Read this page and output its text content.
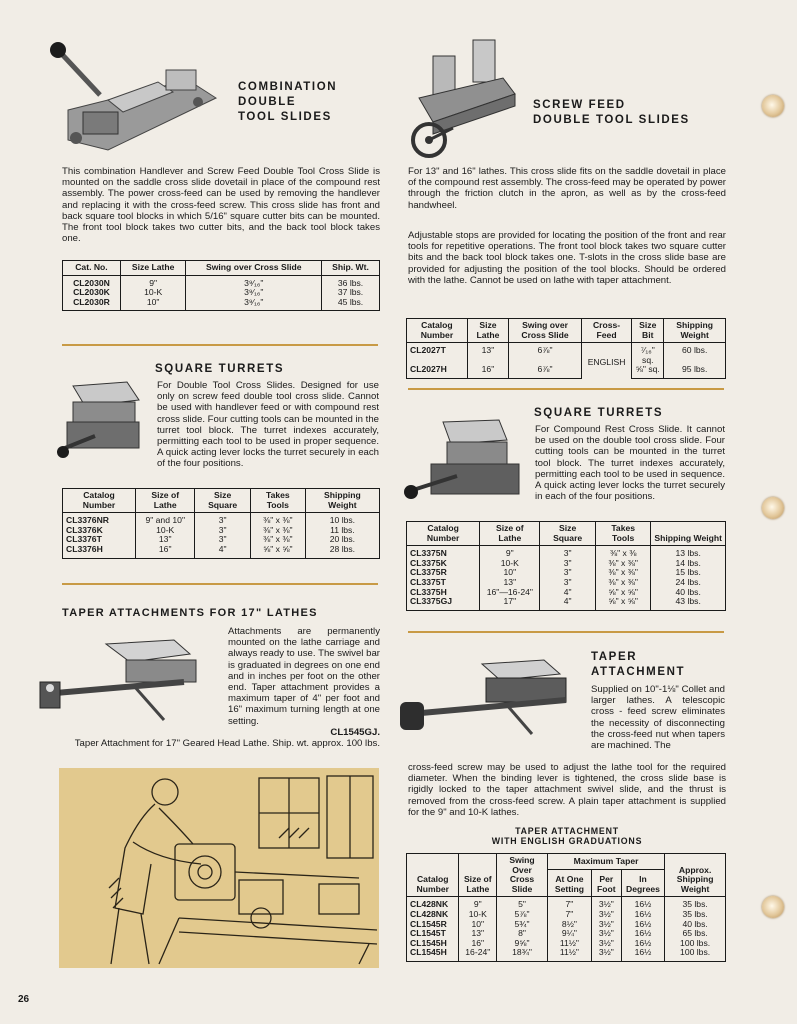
COMBINATION
DOUBLE
TOOL SLIDES
This combination Handlever and Screw Feed Double Tool Cross Slide is mounted on the saddle cross slide dovetail in place of the compound rest assembly. The power cross-feed can be used by removing the handlever and replacing it with the cross-feed screw. This cross slide has front and back square tool blocks in which 5/16" square cutter bits can be mounted. The front tool block takes two cutter bits, and the back tool block takes one.
Cat. No.	Size Lathe	Swing over Cross Slide	Ship. Wt.
CL2030N	9"	3⁹⁄₁₆"	36 lbs.
CL2030K	10-K	3⁹⁄₁₆"	37 lbs.
CL2030R	10"	3⁹⁄₁₆"	45 lbs.
SQUARE TURRETS
For Double Tool Cross Slides. Designed for use only on screw feed double tool cross slide. Cannot be used with handlever feed or with compound rest cross slide. Four cutting tools can be mounted in the turret tool block. The turret indexes accurately, permitting each tool to be used in proper sequence. A quick acting lever locks the turret securely in each of the four positions.
Catalog Number	Size of Lathe	Size Square	Takes Tools	Shipping Weight
CL3376NR	9" and 10"	3"	⅜" x ⅜"	10 lbs.
CL3376K	10-K	3"	⅜" x ⅜"	11 lbs.
CL3376T	13"	3"	⅜" x ⅜"	20 lbs.
CL3376H	16"	4"	⅝" x ⅝"	28 lbs.
TAPER ATTACHMENTS FOR 17" LATHES
Attachments are permanently mounted on the lathe carriage and always ready to use. The swivel bar is graduated in degrees on one end and in inches per foot on the other end. Taper attachment provides a maximum taper of 4" per foot and 16" maximum turning length at one setting.
CL1545GJ.
Taper Attachment for 17" Geared Head Lathe. Ship. wt. approx. 100 lbs.
26
SCREW FEED
DOUBLE TOOL SLIDES
For 13" and 16" lathes. This cross slide fits on the saddle dovetail in place of the compound rest assembly. The cross-feed may be operated by power through the friction clutch in the apron, as well as by the cross-feed handwheel.
Adjustable stops are provided for locating the position of the front and rear tools for repetitive operations. The front tool block takes two square cutter bits and the back tool block takes one. T-slots in the cross slide base are provided for adjusting the position of the tool blocks. Should be ordered with the lathe. Cannot be used on lathe with taper attachment.
Catalog Number	Size Lathe	Swing over Cross Slide	Cross-Feed	Size Bit	Shipping Weight
CL2027T	13"	6⅞"	ENGLISH	⁷⁄₁₆" sq.	60 lbs.
CL2027H	16"	6⅞"		⅝" sq.	95 lbs.
SQUARE TURRETS
For Compound Rest Cross Slide. It cannot be used on the double tool cross slide. Four cutting tools can be mounted in the turret tool block. The turret indexes accurately, permitting each tool to be used in sequence. A quick acting lever locks the turret securely in each of the four positions.
Catalog Number	Size of Lathe	Size Square	Takes Tools	Shipping Weight
CL3375N	9"	3"	⅜" x ⅜	13 lbs.
CL3375K	10-K	3"	⅜" x ⅜"	14 lbs.
CL3375R	10"	3"	⅜" x ⅜"	15 lbs.
CL3375T	13"	3"	⅜" x ⅜"	24 lbs.
CL3375H	16"—16-24"	4"	⅝" x ⅝"	40 lbs.
CL3375GJ	17"	4"	⅝" x ⅝"	43 lbs.
TAPER
ATTACHMENT
Supplied on 10"-1⅛" Collet and larger lathes. A telescopic cross - feed screw eliminates the necessity of disconnecting the cross-feed nut when tapers are machined. The
cross-feed screw may be used to adjust the lathe tool for the required diameter. When the binding lever is tightened, the cross slide base is rigidly locked to the taper attachment swivel slide, and the thrust is removed from the cross-feed screw. A plain taper attachment is supplied for the 9" and 10-K lathes.
TAPER ATTACHMENT
WITH ENGLISH GRADUATIONS
Catalog Number	Size of Lathe	Swing Over Cross Slide	Maximum Taper			Approx. Shipping Weight
			At One Setting	Per Foot	In Degrees	
CL428NK	9"	5"	7"	3½"	16½	35 lbs.
CL428NK	10-K	5⅞"	7"	3½"	16½	35 lbs.
CL1545R	10"	5¾"	8½"	3½"	16½	40 lbs.
CL1545T	13"	8"	9¼"	3½"	16½	65 lbs.
CL1545H	16"	9⅝"	11½"	3½"	16½	100 lbs.
CL1545H	16-24"	18¾"	11½"	3½"	16½	100 lbs.
